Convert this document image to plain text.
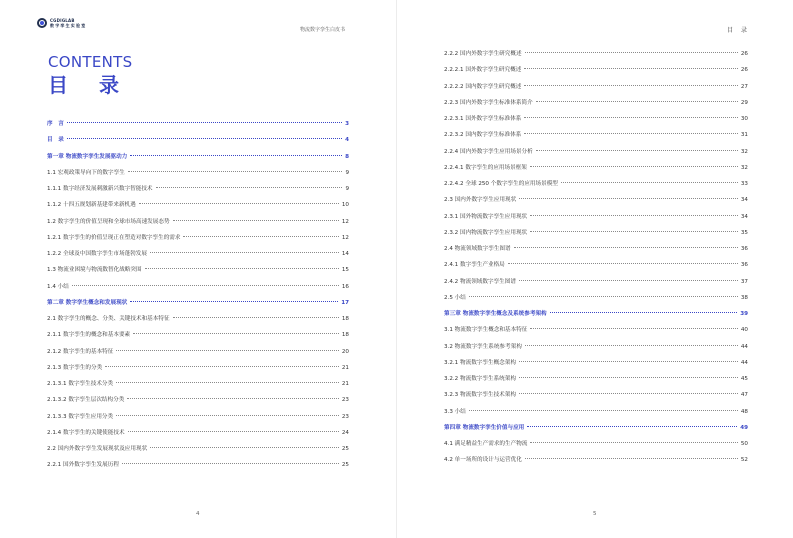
CGDIGLAB
数字孪生实验室
物流数字孪生白皮书
CONTENTS
目 录
序　言	3
目　录	4
第一章 物流数字孪生发展驱动力	8
1.1 宏观政策导向下的数字孪生	9
1.1.1 数字经济发展刺激新兴数字智能技术	9
1.1.2 十四五规划新基建带来新机遇	10
1.2 数字孪生的价值呈现和全球市场高速发展态势	12
1.2.1 数字孪生的价值呈现正在塑造对数字孪生的需求	12
1.2.2 全球及中国数字孪生市场蓬勃发展	14
1.3 物流业困境与物流数智化战略突围	15
1.4 小结	16
第二章 数字孪生概念和发展现状	17
2.1 数字孪生的概念、分类、关键技术和基本特征	18
2.1.1 数字孪生的概念和基本要素	18
2.1.2 数字孪生的基本特征	20
2.1.3 数字孪生的分类	21
2.1.3.1 数字孪生技术分类	21
2.1.3.2 数字孪生层次结构分类	23
2.1.3.3 数字孪生应用分类	23
2.1.4 数字孪生的关键使能技术	24
2.2 国内外数字孪生发展现状及应用现状	25
2.2.1 国外数字孪生发展历程	25
4
目 录
2.2.2 国内外数字孪生研究概述	26
2.2.2.1 国外数字孪生研究概述	26
2.2.2.2 国内数字孪生研究概述	27
2.2.3 国内外数字孪生标准体系简介	29
2.2.3.1 国外数字孪生标准体系	30
2.2.3.2 国内数字孪生标准体系	31
2.2.4 国内外数字孪生应用场景分析	32
2.2.4.1 数字孪生的应用场景框架	32
2.2.4.2 全球 250 个数字孪生的应用场景模型	33
2.3 国内外数字孪生应用现状	34
2.3.1 国外物流数字孪生应用现状	34
2.3.2 国内物流数字孪生应用现状	35
2.4 物流领域数字孪生图谱	36
2.4.1 数字孪生产业格局	36
2.4.2 物流领域数字孪生图谱	37
2.5 小结	38
第三章 物流数字孪生概念及系统参考架构	39
3.1 物流数字孪生概念和基本特征	40
3.2 物流数字孪生系统参考架构	44
3.2.1 物流数字孪生概念架构	44
3.2.2 物流数字孪生系统架构	45
3.2.3 物流数字孪生技术架构	47
3.3 小结	48
第四章 物流数字孪生价值与应用	49
4.1 满足精益生产需求的生产物流	50
4.2 单一场所的设计与运营优化	52
5
